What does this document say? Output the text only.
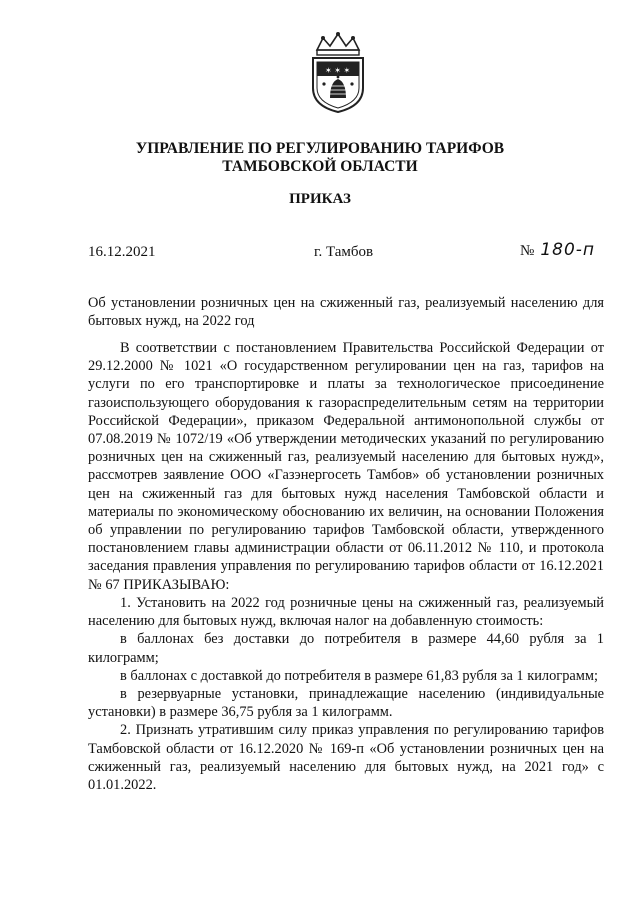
✶ ✶ ✶
УПРАВЛЕНИЕ ПО РЕГУЛИРОВАНИЮ ТАРИФОВ
ТАМБОВСКОЙ ОБЛАСТИ
ПРИКАЗ
16.12.2021	г. Тамбов	№ 180-п
Об установлении розничных цен на сжиженный газ, реализуемый населению для бытовых нужд, на 2022 год
В соответствии с постановлением Правительства Российской Федерации от 29.12.2000 № 1021 «О государственном регулировании цен на газ, тарифов на услуги по его транспортировке и платы за технологическое присоединение газоиспользующего оборудования к газораспределительным сетям на территории Российской Федерации», приказом Федеральной антимонопольной службы от 07.08.2019 № 1072/19 «Об утверждении методических указаний по регулированию розничных цен на сжиженный газ, реализуемый населению для бытовых нужд», рассмотрев заявление ООО «Газэнергосеть Тамбов» об установлении розничных цен на сжиженный газ для бытовых нужд населения Тамбовской области и материалы по экономическому обоснованию их величин, на основании Положения об управлении по регулированию тарифов Тамбовской области, утвержденного постановлением главы администрации области от 06.11.2012 № 110, и протокола заседания правления управления по регулированию тарифов области от 16.12.2021 № 67 ПРИКАЗЫВАЮ:

1. Установить на 2022 год розничные цены на сжиженный газ, реализуемый населению для бытовых нужд, включая налог на добавленную стоимость:

в баллонах без доставки до потребителя в размере 44,60 рубля за 1 килограмм;

в баллонах с доставкой до потребителя в размере 61,83 рубля за 1 килограмм;

в резервуарные установки, принадлежащие населению (индивидуальные установки) в размере 36,75 рубля за 1 килограмм.

2. Признать утратившим силу приказ управления по регулированию тарифов Тамбовской области от 16.12.2020 № 169-п «Об установлении розничных цен на сжиженный газ, реализуемый населению для бытовых нужд, на 2021 год» с 01.01.2022.
